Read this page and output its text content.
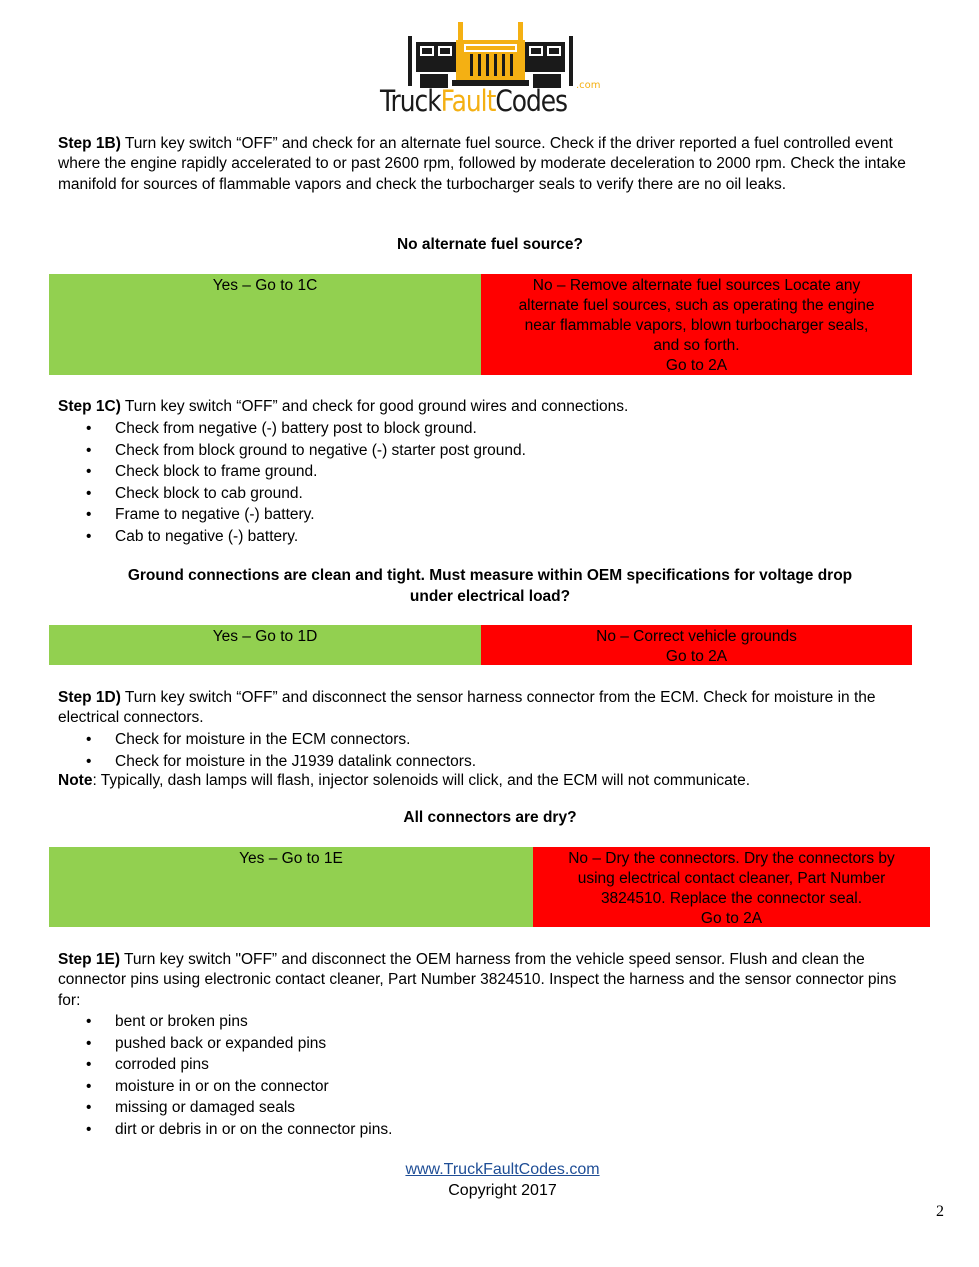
TruckFaultCodes .com

Step 1B) Turn key switch “OFF” and check for an alternate fuel source. Check if the driver reported a fuel controlled event where the engine rapidly accelerated to or past 2600 rpm, followed by moderate deceleration to 2000 rpm. Check the intake manifold for sources of flammable vapors and check the turbocharger seals to verify there are no oil leaks.

No alternate fuel source?

Yes – Go to 1C	No – Remove alternate fuel sources Locate any
alternate fuel sources, such as operating the engine
near flammable vapors, blown turbocharger seals,
and so forth.
Go to 2A

Step 1C) Turn key switch “OFF” and check for good ground wires and connections.

• Check from negative (-) battery post to block ground.
• Check from block ground to negative (-) starter post ground.
• Check block to frame ground.
• Check block to cab ground.
• Frame to negative (-) battery.
• Cab to negative (-) battery.
Ground connections are clean and tight. Must measure within OEM specifications for voltage drop
under electrical load?
Yes – Go to 1D	No – Correct vehicle grounds
Go to 2A

Step 1D) Turn key switch “OFF” and disconnect the sensor harness connector from the ECM. Check for moisture in the electrical connectors.

• Check for moisture in the ECM connectors.
• Check for moisture in the J1939 datalink connectors.

Note: Typically, dash lamps will flash, injector solenoids will click, and the ECM will not communicate.

All connectors are dry?

Yes – Go to 1E	No – Dry the connectors. Dry the connectors by
using electrical contact cleaner, Part Number
3824510. Replace the connector seal.
Go to 2A

Step 1E) Turn key switch "OFF” and disconnect the OEM harness from the vehicle speed sensor. Flush and clean the connector pins using electronic contact cleaner, Part Number 3824510. Inspect the harness and the sensor connector pins for:

• bent or broken pins
• pushed back or expanded pins
• corroded pins
• moisture in or on the connector
• missing or damaged seals
• dirt or debris in or on the connector pins.
www.TruckFaultCodes.com
Copyright 2017
2
